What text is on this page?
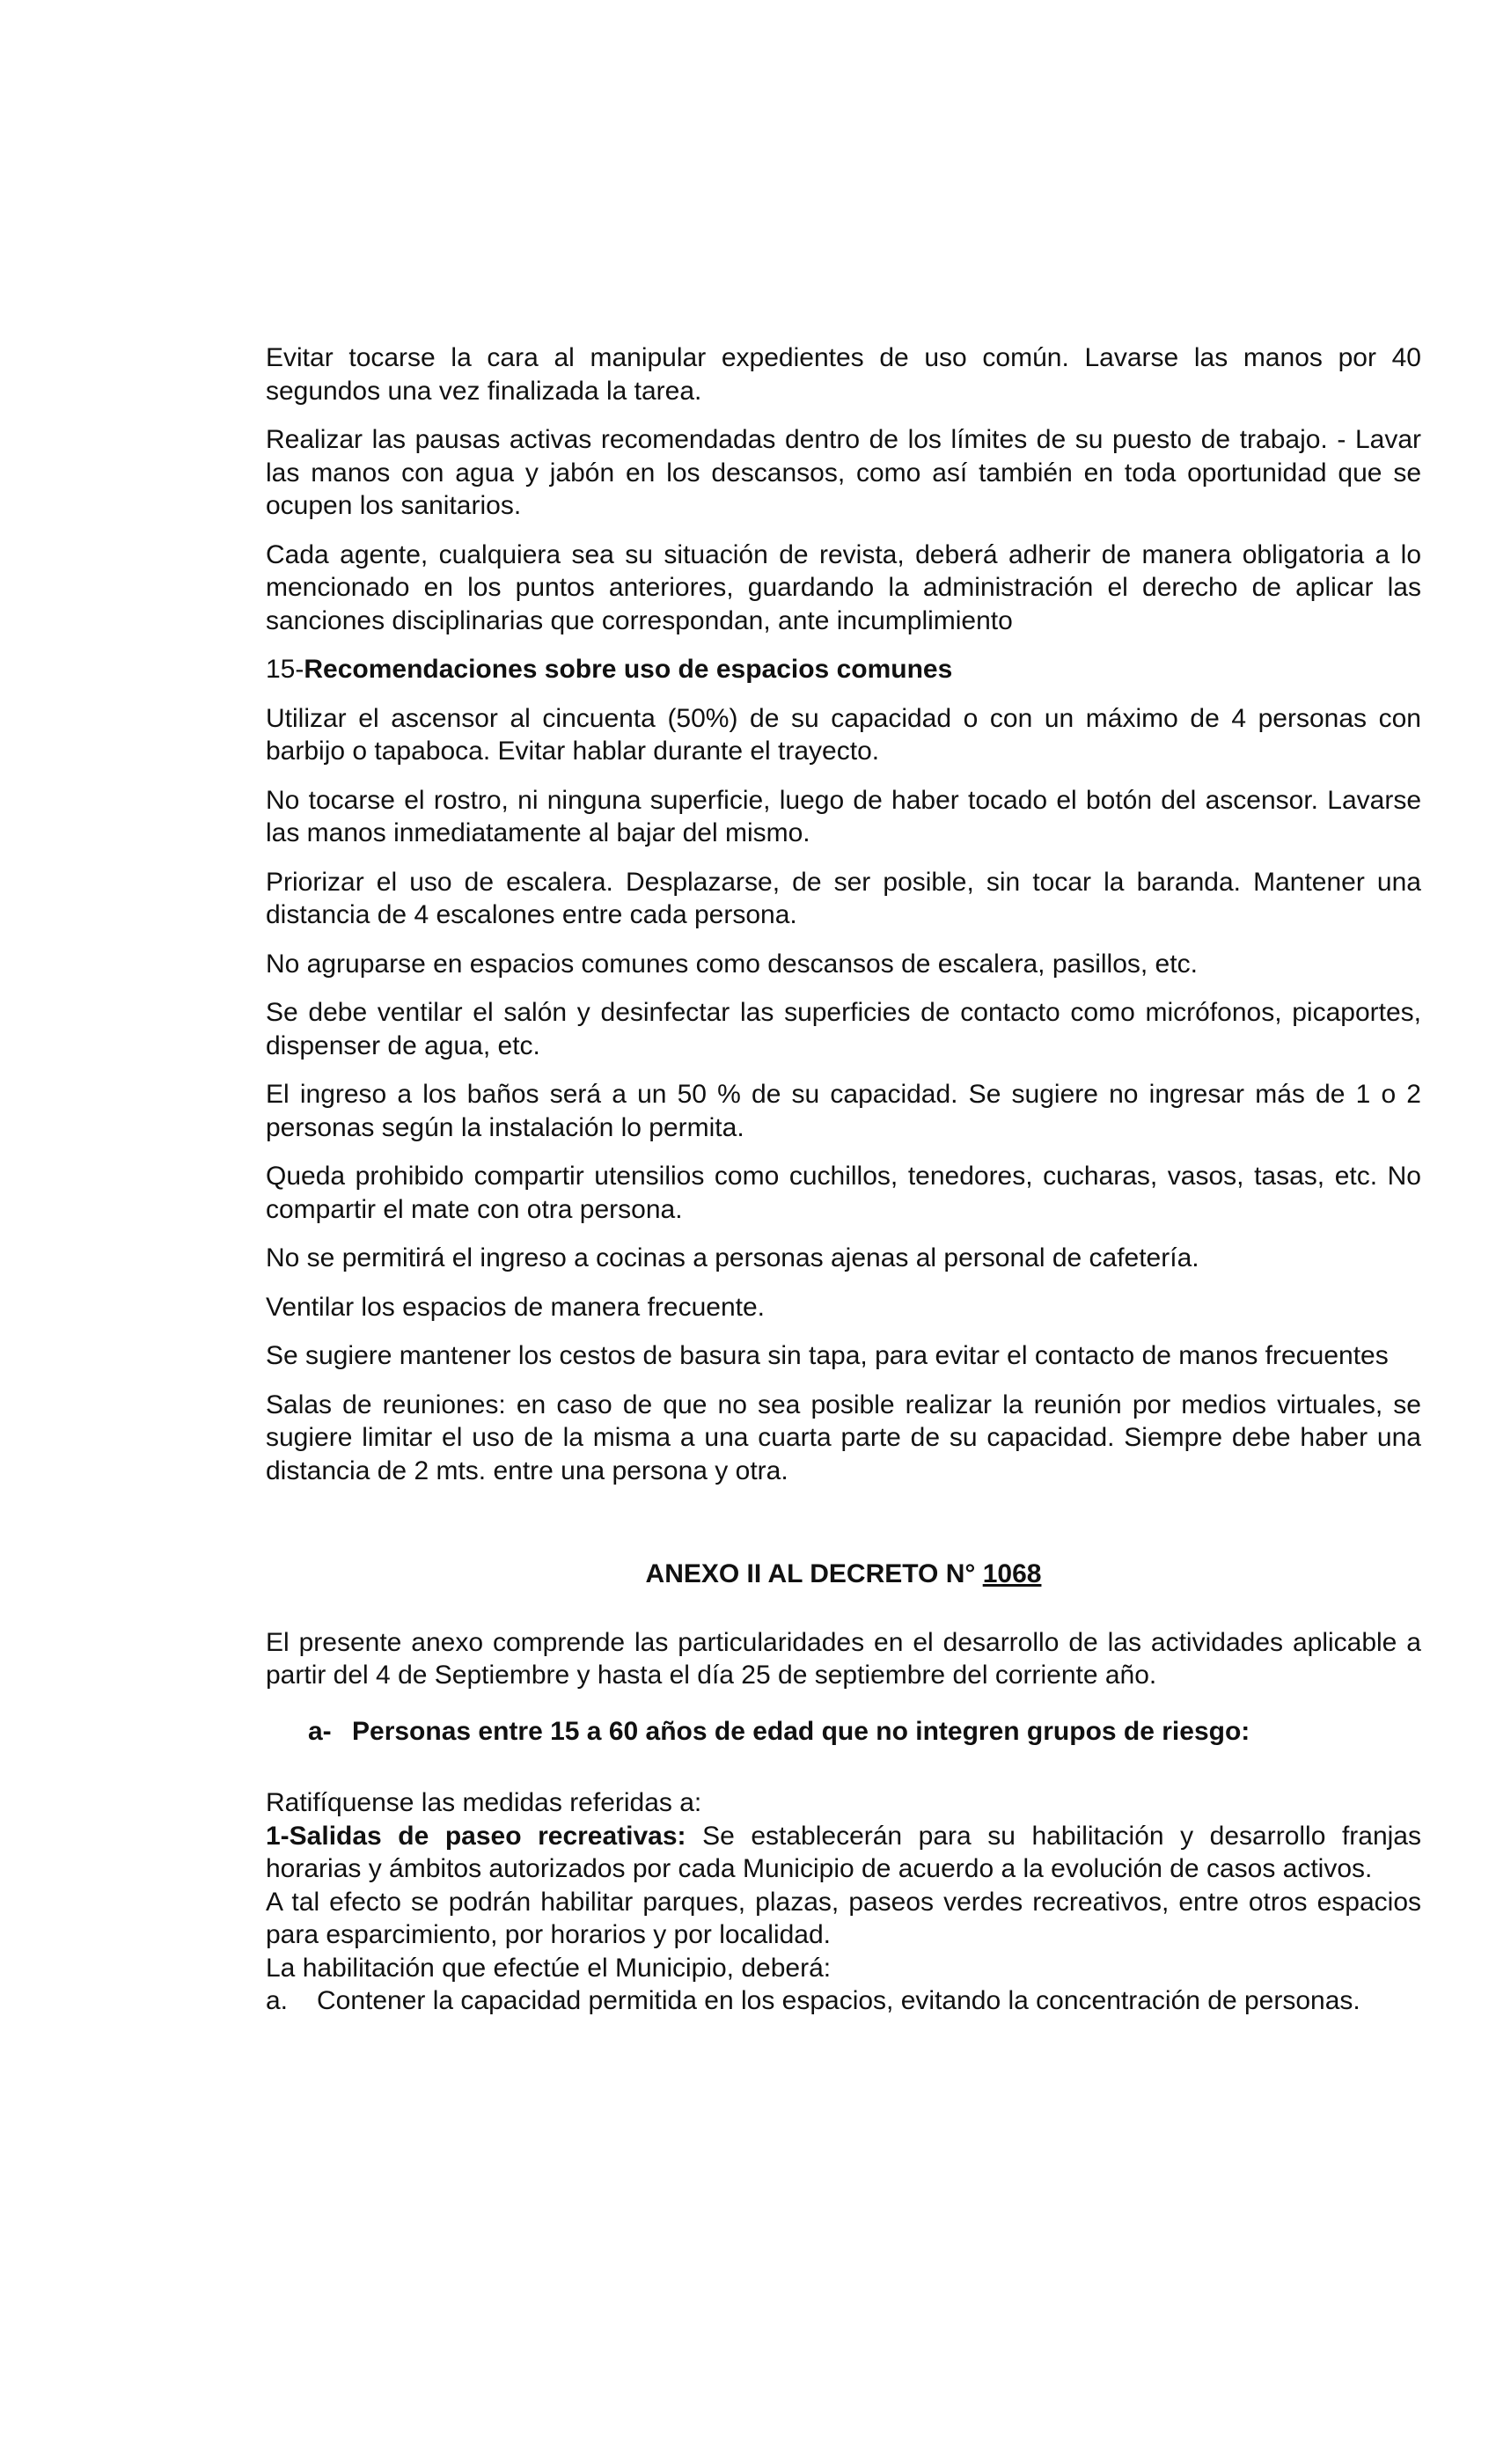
Evitar tocarse la cara al manipular expedientes de uso común. Lavarse las manos por 40 segundos una vez finalizada la tarea.

Realizar las pausas activas recomendadas dentro de los límites de su puesto de trabajo. - Lavar las manos con agua y jabón en los descansos, como así también en toda oportunidad que se ocupen los sanitarios.

Cada agente, cualquiera sea su situación de revista, deberá adherir de manera obligatoria a lo mencionado en los puntos anteriores, guardando la administración el derecho de aplicar las sanciones disciplinarias que correspondan, ante incumplimiento

15-Recomendaciones sobre uso de espacios comunes

Utilizar el ascensor al cincuenta (50%) de su capacidad o con un máximo de 4 personas con barbijo o tapaboca. Evitar hablar durante el trayecto.

No tocarse el rostro, ni ninguna superficie, luego de haber tocado el botón del ascensor. Lavarse las manos inmediatamente al bajar del mismo.

Priorizar el uso de escalera. Desplazarse, de ser posible, sin tocar la baranda. Mantener una distancia de 4 escalones entre cada persona.

No agruparse en espacios comunes como descansos de escalera, pasillos, etc.

Se debe ventilar el salón y desinfectar las superficies de contacto como micrófonos, picaportes, dispenser de agua, etc.

El ingreso a los baños será a un 50 % de su capacidad. Se sugiere no ingresar más de 1 o 2 personas según la instalación lo permita.

Queda prohibido compartir utensilios como cuchillos, tenedores, cucharas, vasos, tasas, etc. No compartir el mate con otra persona.

No se permitirá el ingreso a cocinas a personas ajenas al personal de cafetería.

Ventilar los espacios de manera frecuente.

Se sugiere mantener los cestos de basura sin tapa, para evitar el contacto de manos frecuentes

Salas de reuniones: en caso de que no sea posible realizar la reunión por medios virtuales, se sugiere limitar el uso de la misma a una cuarta parte de su capacidad. Siempre debe haber una distancia de 2 mts. entre una persona y otra.

ANEXO II AL DECRETO N° 1068

El presente anexo comprende las particularidades en el desarrollo de las actividades aplicable a partir del 4 de Septiembre y hasta el día 25 de septiembre del corriente año.

a- Personas entre 15 a 60 años de edad que no integren grupos de riesgo:

Ratifíquense las medidas referidas a:

1-Salidas de paseo recreativas: Se establecerán para su habilitación y desarrollo franjas horarias y ámbitos autorizados por cada Municipio de acuerdo a la evolución de casos activos.

A tal efecto se podrán habilitar parques, plazas, paseos verdes recreativos, entre otros espacios para esparcimiento, por horarios y por localidad.

La habilitación que efectúe el Municipio, deberá:

a.	Contener la capacidad permitida en los espacios, evitando la concentración de personas.
